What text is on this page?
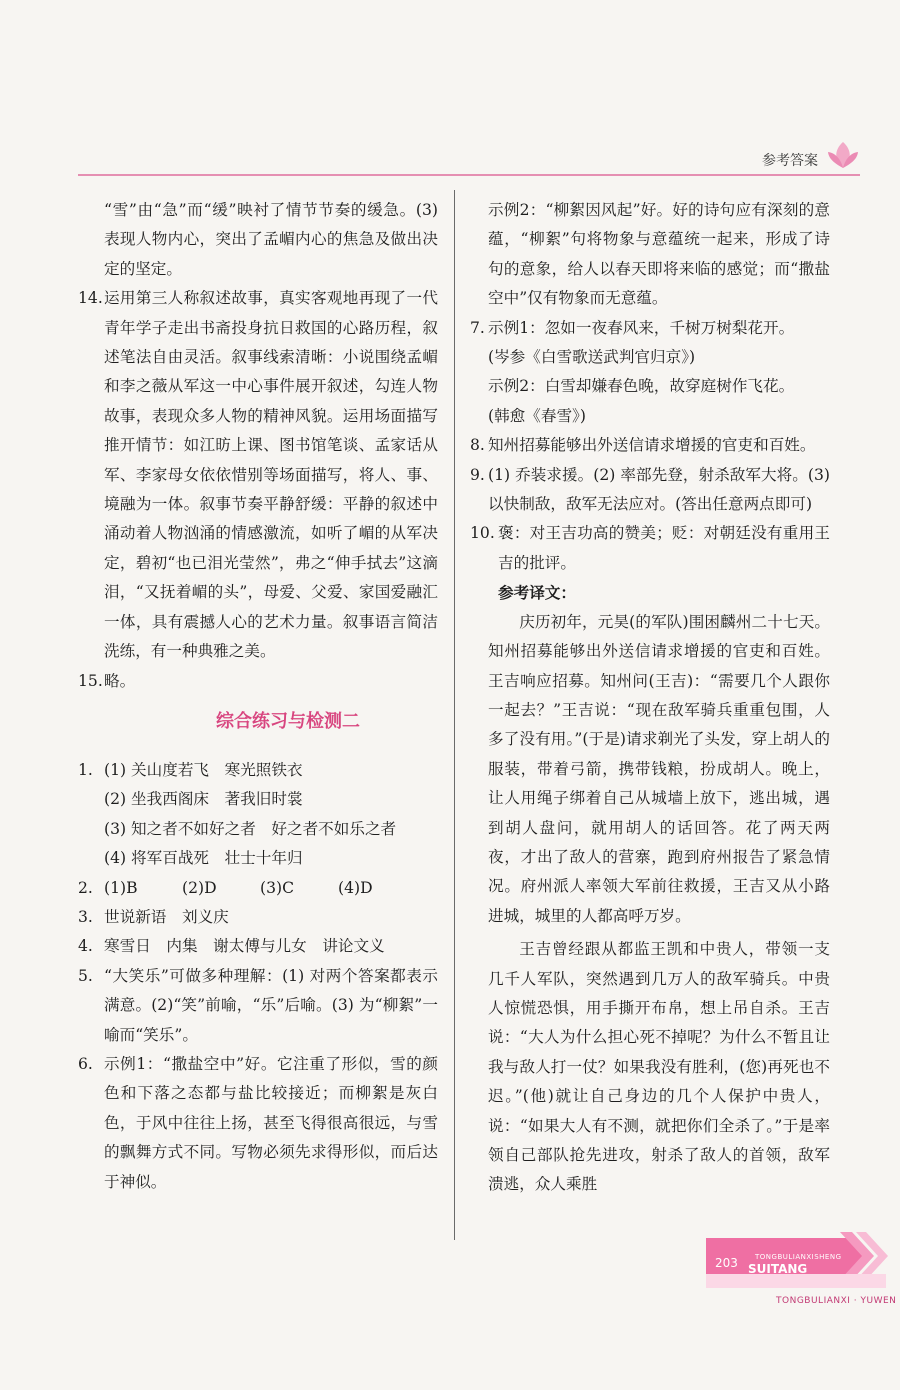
参考答案
“雪”由“急”而“缓”映衬了情节节奏的缓急。(3)表现人物内心，突出了孟嵋内心的焦急及做出决定的坚定。
14. 运用第三人称叙述故事，真实客观地再现了一代青年学子走出书斋投身抗日救国的心路历程，叙述笔法自由灵活。叙事线索清晰：小说围绕孟嵋和李之薇从军这一中心事件展开叙述，勾连人物故事，表现众多人物的精神风貌。运用场面描写推开情节：如江昉上课、图书馆笔谈、孟家话从军、李家母女依依惜别等场面描写，将人、事、境融为一体。叙事节奏平静舒缓：平静的叙述中涌动着人物汹涌的情感激流，如听了嵋的从军决定，碧初“也已泪光莹然”，弗之“伸手拭去”这滴泪，“又抚着嵋的头”，母爱、父爱、家国爱融汇一体，具有震撼人心的艺术力量。叙事语言简洁洗练，有一种典雅之美。
15. 略。
综合练习与检测二
1. (1) 关山度若飞　寒光照铁衣
(2) 坐我西阁床　著我旧时裳
(3) 知之者不如好之者　好之者不如乐之者
(4) 将军百战死　壮士十年归
2. (1)B	(2)D	(3)C	(4)D
3. 世说新语　刘义庆
4. 寒雪日　内集　谢太傅与儿女　讲论文义
5. “大笑乐”可做多种理解：(1) 对两个答案都表示满意。(2)“笑”前喻，“乐”后喻。(3) 为“柳絮”一喻而“笑乐”。
6. 示例1：“撒盐空中”好。它注重了形似，雪的颜色和下落之态都与盐比较接近；而柳絮是灰白色，于风中往往上扬，甚至飞得很高很远，与雪的飘舞方式不同。写物必须先求得形似，而后达于神似。
示例2：“柳絮因风起”好。好的诗句应有深刻的意蕴，“柳絮”句将物象与意蕴统一起来，形成了诗句的意象，给人以春天即将来临的感觉；而“撒盐空中”仅有物象而无意蕴。
7. 示例1：忽如一夜春风来，千树万树梨花开。
(岑参《白雪歌送武判官归京》)
示例2：白雪却嫌春色晚，故穿庭树作飞花。
(韩愈《春雪》)
8. 知州招募能够出外送信请求增援的官吏和百姓。
9. (1) 乔装求援。(2) 率部先登，射杀敌军大将。(3) 以快制敌，敌军无法应对。(答出任意两点即可)
10. 褒：对王吉功高的赞美；贬：对朝廷没有重用王吉的批评。
参考译文：
庆历初年，元昊(的军队)围困麟州二十七天。知州招募能够出外送信请求增援的官吏和百姓。王吉响应招募。知州问(王吉)：“需要几个人跟你一起去？”王吉说：“现在敌军骑兵重重包围，人多了没有用。”(于是)请求剃光了头发，穿上胡人的服装，带着弓箭，携带钱粮，扮成胡人。晚上，让人用绳子绑着自己从城墙上放下，逃出城，遇到胡人盘问，就用胡人的话回答。花了两天两夜，才出了敌人的营寨，跑到府州报告了紧急情况。府州派人率领大军前往救援，王吉又从小路进城，城里的人都高呼万岁。
王吉曾经跟从都监王凯和中贵人，带领一支几千人军队，突然遇到几万人的敌军骑兵。中贵人惊慌恐惧，用手撕开布帛，想上吊自杀。王吉说：“大人为什么担心死不掉呢？为什么不暂且让我与敌人打一仗？如果我没有胜利，(您)再死也不迟。”(他)就让自己身边的几个人保护中贵人，说：“如果大人有不测，就把你们全杀了。”于是率领自己部队抢先进攻，射杀了敌人的首领，敌军溃逃，众人乘胜
203 TONGBULIANXISHENG
SUITANG
TONGBULIANXI · YUWEN
